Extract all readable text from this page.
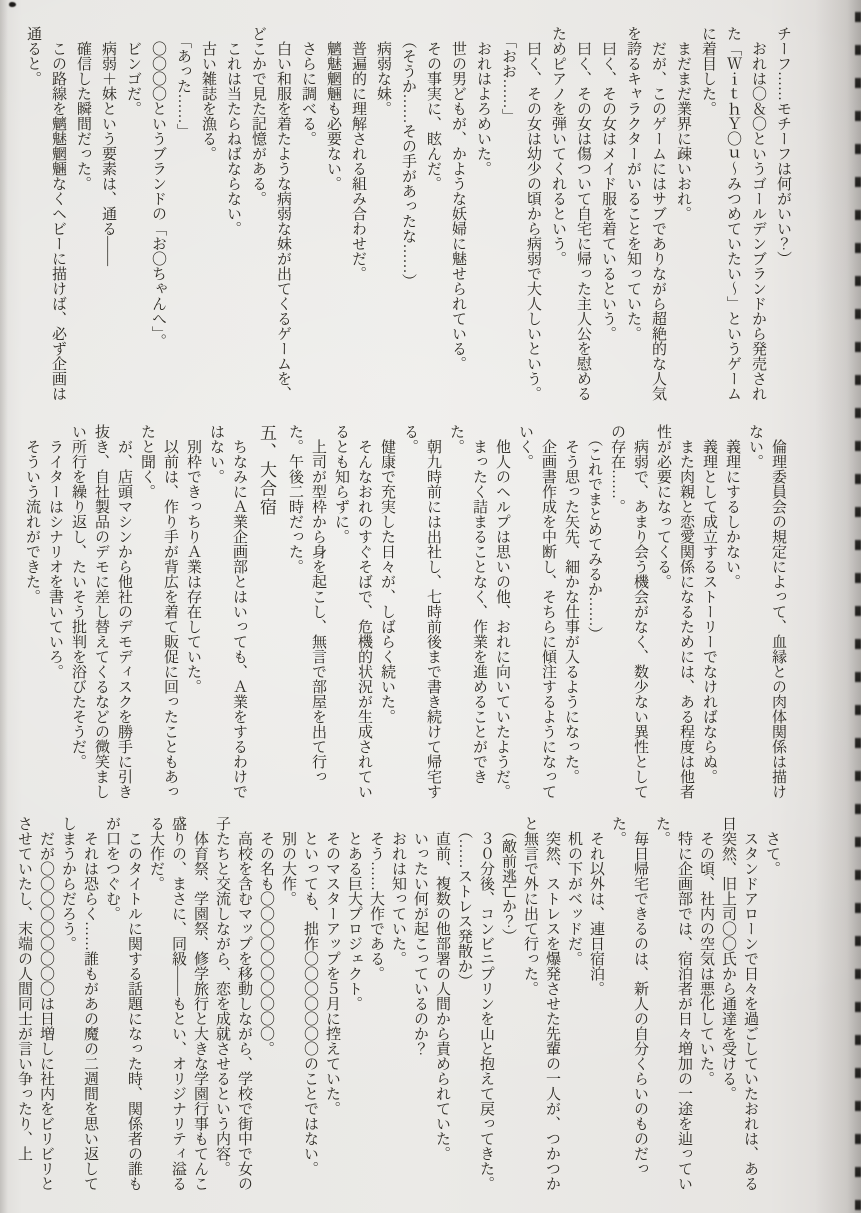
チーフ……モチーフは何がいい？）

　おれは〇＆〇というゴールデンブランドから発売された「ＷｉｔｈＹ〇ｕ～みつめていたい～」というゲームに着目した。

　まだまだ業界に疎いおれ。

　だが、このゲームにはサブでありながら超絶的な人気を誇るキャラクターがいることを知っていた。

　曰く、その女はメイド服を着ているという。

　曰く、その女は傷ついて自宅に帰った主人公を慰めるためピアノを弾いてくれるという。

　曰く、その女は幼少の頃から病弱で大人しいという。

　「おお……」

　おれはよろめいた。

　世の男どもが、かような妖婦に魅せられている。

　その事実に、眩んだ。

　（そうか……その手があったな……）

　病弱な妹。

　普遍的に理解される組み合わせだ。

　魑魅魍魎も必要ない。

　さらに調べる。

　白い和服を着たような病弱な妹が出てくるゲームを、どこかで見た記憶がある。

　これは当たらねばならない。

　古い雑誌を漁る。

　「あった……」

　〇〇〇〇というブランドの「お〇ちゃんへ」。

　ビンゴだ。

　病弱＋妹という要素は、通る——

　確信した瞬間だった。

　この路線を魑魅魍魎なくヘビーに描けば、必ず企画は通ると。

　倫理委員会の規定によって、血縁との肉体関係は描けない。

　義理にするしかない。

　義理として成立するストーリーでなければならぬ。

　また肉親と恋愛関係になるためには、ある程度は他者性が必要になってくる。

　病弱で、あまり会う機会がなく、数少ない異性としての存在……。

　（これでまとめてみるか……）

　そう思った矢先、細かな仕事が入るようになった。

　企画書作成を中断し、そちらに傾注するようになっていく。

　他人のヘルプは思いの他、おれに向いていたようだ。

　まったく詰まることなく、作業を進めることができた。

　朝九時前には出社し、七時前後まで書き続けて帰宅する。

　健康で充実した日々が、しばらく続いた。

　そんなおれのすぐそばで、危機的状況が生成されているとも知らずに。

　上司が型枠から身を起こし、無言で部屋を出て行った。午後二時だった。

五、大合宿

　ちなみにＡ業企画部とはいっても、Ａ業をするわけではない。

　別枠できっちりＡ業は存在していた。

　以前は、作り手が背広を着て販促に回ったこともあったと聞く。

　が、店頭マシンから他社のデモディスクを勝手に引き抜き、自社製品のデモに差し替えてくるなどの微笑ましい所行を繰り返し、たいそう批判を浴びたそうだ。

　ライターはシナリオを書いていろ。

　そういう流れができた。

　さて。

　スタンドアローンで日々を過ごしていたおれは、ある日突然、旧上司〇〇氏から通達を受ける。

　その頃、社内の空気は悪化していた。

　特に企画部では、宿泊者が日々増加の一途を辿っていた。

　毎日帰宅できるのは、新人の自分くらいのものだった。

　それ以外は、連日宿泊。

　机の下がベッドだ。

　突然、ストレスを爆発させた先輩の一人が、つかつかと無言で外に出て行った。

　（敵前逃亡か？）

　３０分後、コンビニプリンを山と抱えて戻ってきた。

　（……ストレス発散か）

　直前、複数の他部署の人間から責められていた。

　いったい何が起こっているのか？

　おれは知っていた。

　そう……大作である。

　とある巨大プロジェクト。

　そのマスターアップを５月に控えていた。

　といっても、拙作〇〇〇〇〇〇〇のことではない。

　別の大作。

　その名も〇〇〇〇〇〇〇〇〇〇。

　高校を含むマップを移動しながら、学校で街中で女の子たちと交流しながら、恋を成就させるという内容。

　体育祭、学園祭、修学旅行と大きな学園行事もてんこ盛りの、まさに、同級——もとい、オリジナリティ溢るる大作だ。

　このタイトルに関する話題になった時、関係者の誰もが口をつぐむ。

　それは恐らく……誰もがあの魔の二週間を思い返してしまうからだろう。

　だが〇〇〇〇〇〇〇〇〇は日増しに社内をビリビリとさせていたし、末端の人間同士が言い争ったり、上
